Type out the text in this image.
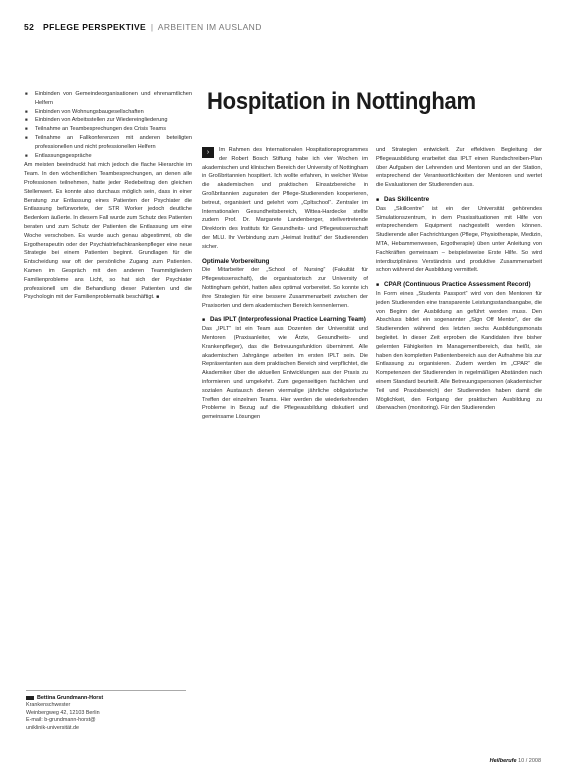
52 PFLEGE PERSPEKTIVE | ARBEITEN IM AUSLAND
■ Einbinden von Gemeindeorganisationen und ehrenamtlichen Helfern
■ Einbinden von Wohnungsbaugesellschaften
■ Einbinden von Arbeitsstellen zur Wiedereingliederung
■ Teilnahme an Teambesprechungen des Crisis Teams
■ Teilnahme an Fallkonferenzen mit anderen beteiligten professionellen und nicht professionellen Helfern
■ Entlassungsgespräche

Am meisten beeindruckt hat mich jedoch die flache Hierarchie im Team. In den wöchentlichen Teambesprechungen, an denen alle Professionen teilnehmen, hatte jeder Redebeitrag den gleichen Stellenwert. Es konnte also durchaus möglich sein, dass in einer Beratung zur Entlassung eines Patienten der Psychiater die Entlassung befürwortete, der STR Worker jedoch deutliche Bedenken äußerte. In diesem Fall wurde zum Schutz des Patienten beraten und zum Schutz der Patienten die Entlassung um eine Woche verschoben. Es wurde auch genau abgestimmt, ob die Ergotherapeutin oder der Psychiatriefachkrankenpfleger eine neue Strategie bei einem Patienten beginnt. Grundlagen für die Entscheidung war oft der persönliche Zugang zum Patienten. Kamen im Gespräch mit den anderen Teammitgliedern Familienprobleme ans Licht, so hat sich der Psychiater professionell um die Behandlung dieser Patienten und die Psychologin mit der Familienproblematik beschäftigt. ■

Hospitation in Nottingham

›	Im Rahmen des Internationalen Hospitationsprogrammes der Robert Bosch Stiftung habe ich vier Wochen im akademischen und klinischen Bereich der University of Nottingham in Großbritannien hospitiert. Ich wollte erfahren, in welcher Weise die akademischen und praktischen Einsatzbereiche in Großbritannien zugunsten der Pflege-Studierenden kooperieren, betreut, organisiert und gelehrt vom „Cpltschool“. Zentraler im Internationalen Gesundheitsbereich, Wittea-Hardecke stellte zudem Prof. Dr. Margarete Landenberger, stellvertretende Direktorin des Instituts für Gesundheits- und Pflegewissenschaft der MLU. Ihr Verbindung zum „Heimat Institut“ der Studierenden sicher.

Optimale Vorbereitung

Die Mitarbeiter der „School of Nursing“ (Fakultät für Pflegewissenschaft), die organisatorisch zur University of Nottingham gehört, hatten alles optimal vorbereitet. So konnte ich ihre Strategien für eine bessere Zusammenarbeit zwischen der Praxisorten und dem akademischen Bereich kennenlernen.

■ Das IPLT (Interprofessional Practice Learning Team)

Das „IPLT“ ist ein Team aus Dozenten der Universität und Mentoren (Praxisanleiter, wie Ärzte, Gesundheits- und Krankenpfleger), das die Betreuungsfunktion übernimmt. Alle akademischen Jahrgänge arbeiten im ersten IPLT sein. Die Repräsentanten aus dem praktischen Bereich sind verpflichtet, die Akademiker über die aktuellen Entwicklungen aus der Praxis zu informieren und umgekehrt. Zum gegenseitigen fachlichen und sozialen Austausch dienen viermalige jährliche obligatorische Treffen der einzelnen Teams. Hier werden die wiederkehrenden Probleme in Bezug auf die Pflegeausbildung diskutiert und gemeinsame Lösungen

und Strategien entwickelt. Zur effektiven Begleitung der Pflegeausbildung erarbeitet das IPLT einen Rundschreiben-Plan über Aufgaben der Lehrenden und Mentoren und an der Station, entsprechend der Verantwortlichkeiten der Mentoren und wertet die Evaluationen der Studierenden aus.

■ Das Skillcentre

Das „Skillcentre“ ist ein der Universität gehörendes Simulationszentrum, in dem Praxissituationen mit Hilfe von entsprechendem Equipment nachgestellt werden können. Studierende aller Fachrichtungen (Pflege, Physiotherapie, Medizin, MTA, Hebammenwesen, Ergotherapie) üben unter Anleitung von Fachkräften gemeinsam – beispielsweise Erste Hilfe. So wird interdisziplinäres Verständnis und produktive Zusammenarbeit schon während der Ausbildung vermittelt.

■ CPAR (Continuous Practice Assessment Record)

In Form eines „Students Passport“ wird von den Mentoren für jeden Studierenden eine transparente Leistungsstandsangabe, die von Beginn der Ausbildung an geführt werden muss. Den Abschluss bildet ein sogenannter „Sign Off Mentor“, der die Studierenden während des letzten sechs Ausbildungsmonats begleitet. In dieser Zeit erproben die Kandidaten ihre bisher gelernten Fähigkeiten im Managementbereich, das heißt, sie haben den kompletten Patientenbereich aus der Aufnahme bis zur Entlassung zu organisieren. Zudem werden im „CPAR“ die Kompetenzen der Studierenden in regelmäßigen Abständen nach einem Standard beurteilt. Alle Betreuungspersonen (akademischer Teil und Praxisbereich) der Studierenden haben damit die Möglichkeit, den Fortgang der praktischen Ausbildung zu überwachen (monitoring). Für den Studierenden

Bettina Grundmann-Horst
Krankenschwester
Weinbergweg 42, 12103 Berlin
E-mail: b-grundmann-horst@
uniklinik-universität.de
Heilberufe 10 / 2008
